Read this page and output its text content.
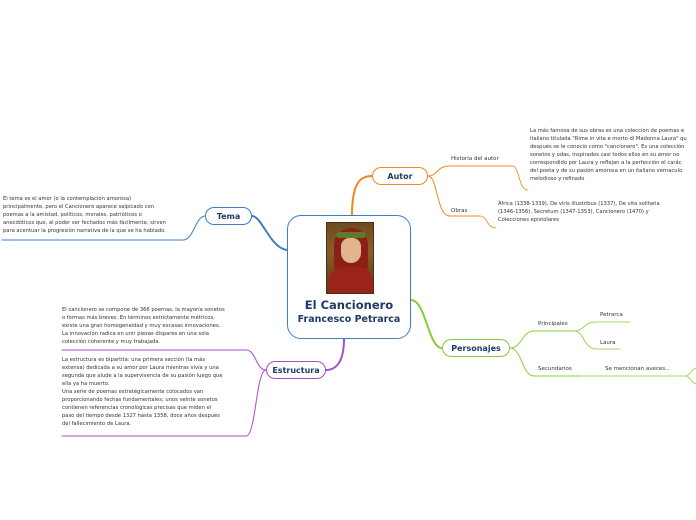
El Cancionero
Francesco Petrarca
Autor
Historia del autor
La más famosa de sus obras es una colección de poemas e
italiano titulada "Rime in vita e morto di Madonna Laura" qu
después se le conoció como "cancionero". Es una colección
sonetos y odas, inspirados casi todos ellos en su amor no
correspondido por Laura y reflejan a la perfección el carác
del poeta y de su pasión amorosa en un italiano vernaculo
melodioso y refinado
Obras
África (1338-1339), De viris illustribus (1337), De vita solitaria
(1346-1356), Secretum (1347-1353), Cancionero (1470) y
Colecciones epistolares
Tema
El tema es el amor (o la contemplación amorosa)
principalmente, pero el Cancionero aparece salpicado con
poemas a la amistad, políticos, morales, patrióticos o
anecdóticos que, al poder ser fechados más fácilmente, sirven
para acentuar la progresión narrativa de la que se ha hablado.
Estructura
El cancionero se compone de 366 poemas, la mayoría sonetos
o formas más breves. En términos estrictamente métricos,
existe una gran homogeneidad y muy escasas innovaciones.
La innovación radica en unir piezas dispares en una sola
colección coherente y muy trabajada.
La estructura es bipartita: una primera sección (la más
extensa) dedicada a su amor por Laura mientras vivía y una
segunda que alude a la supervivencia de su pasión luego que
ella ya ha muerto.
Una serie de poemas estratégicamente colocados van
proporcionando fechas fundamentales; unos veinte sonetos
contienen referencias cronológicas precisas que miden el
paso del tiempo desde 1327 hasta 1358, doce años después
del fallecimiento de Laura.
Personajes
Principales
Petrarca
Laura
Secundarios	Se mencionan aveces...
